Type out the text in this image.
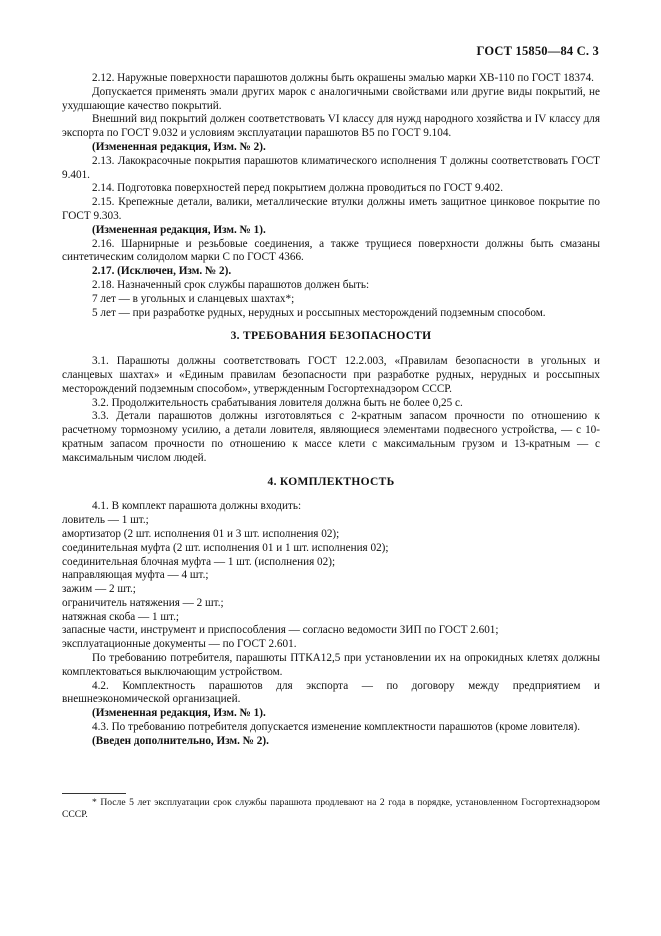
ГОСТ 15850—84 С. 3

2.12. Наружные поверхности парашютов должны быть окрашены эмалью марки ХВ-110 по ГОСТ 18374.

Допускается применять эмали других марок с аналогичными свойствами или другие виды покрытий, не ухудшающие качество покрытий.

Внешний вид покрытий должен соответствовать VI классу для нужд народного хозяйства и IV классу для экспорта по ГОСТ 9.032 и условиям эксплуатации парашютов В5 по ГОСТ 9.104.

(Измененная редакция, Изм. № 2).

2.13. Лакокрасочные покрытия парашютов климатического исполнения Т должны соответствовать ГОСТ 9.401.

2.14. Подготовка поверхностей перед покрытием должна проводиться по ГОСТ 9.402.

2.15. Крепежные детали, валики, металлические втулки должны иметь защитное цинковое покрытие по ГОСТ 9.303.

(Измененная редакция, Изм. № 1).

2.16. Шарнирные и резьбовые соединения, а также трущиеся поверхности должны быть смазаны синтетическим солидолом марки С по ГОСТ 4366.

2.17. (Исключен, Изм. № 2).

2.18. Назначенный срок службы парашютов должен быть:

7 лет — в угольных и сланцевых шахтах*;

5 лет — при разработке рудных, нерудных и россыпных месторождений подземным способом.

3. ТРЕБОВАНИЯ БЕЗОПАСНОСТИ

3.1. Парашюты должны соответствовать ГОСТ 12.2.003, «Правилам безопасности в угольных и сланцевых шахтах» и «Единым правилам безопасности при разработке рудных, нерудных и россыпных месторождений подземным способом», утвержденным Госгортехнадзором СССР.

3.2. Продолжительность срабатывания ловителя должна быть не более 0,25 с.

3.3. Детали парашютов должны изготовляться с 2-кратным запасом прочности по отношению к расчетному тормозному усилию, а детали ловителя, являющиеся элементами подвесного устройства, — с 10-кратным запасом прочности по отношению к массе клети с максимальным грузом и 13-кратным — с максимальным числом людей.

4. КОМПЛЕКТНОСТЬ

4.1. В комплект парашюта должны входить:

ловитель — 1 шт.;

амортизатор (2 шт. исполнения 01 и 3 шт. исполнения 02);

соединительная муфта (2 шт. исполнения 01 и 1 шт. исполнения 02);

соединительная блочная муфта — 1 шт. (исполнения 02);

направляющая муфта — 4 шт.;

зажим — 2 шт.;

ограничитель натяжения — 2 шт.;

натяжная скоба — 1 шт.;

запасные части, инструмент и приспособления — согласно ведомости ЗИП по ГОСТ 2.601;

эксплуатационные документы — по ГОСТ 2.601.

По требованию потребителя, парашюты ПТКА12,5 при установлении их на опрокидных клетях должны комплектоваться выключающим устройством.

4.2. Комплектность парашютов для экспорта — по договору между предприятием и внешнеэкономической организацией.

(Измененная редакция, Изм. № 1).

4.3. По требованию потребителя допускается изменение комплектности парашютов (кроме ловителя).

(Введен дополнительно, Изм. № 2).

* После 5 лет эксплуатации срок службы парашюта продлевают на 2 года в порядке, установленном Госгортехнадзором СССР.
